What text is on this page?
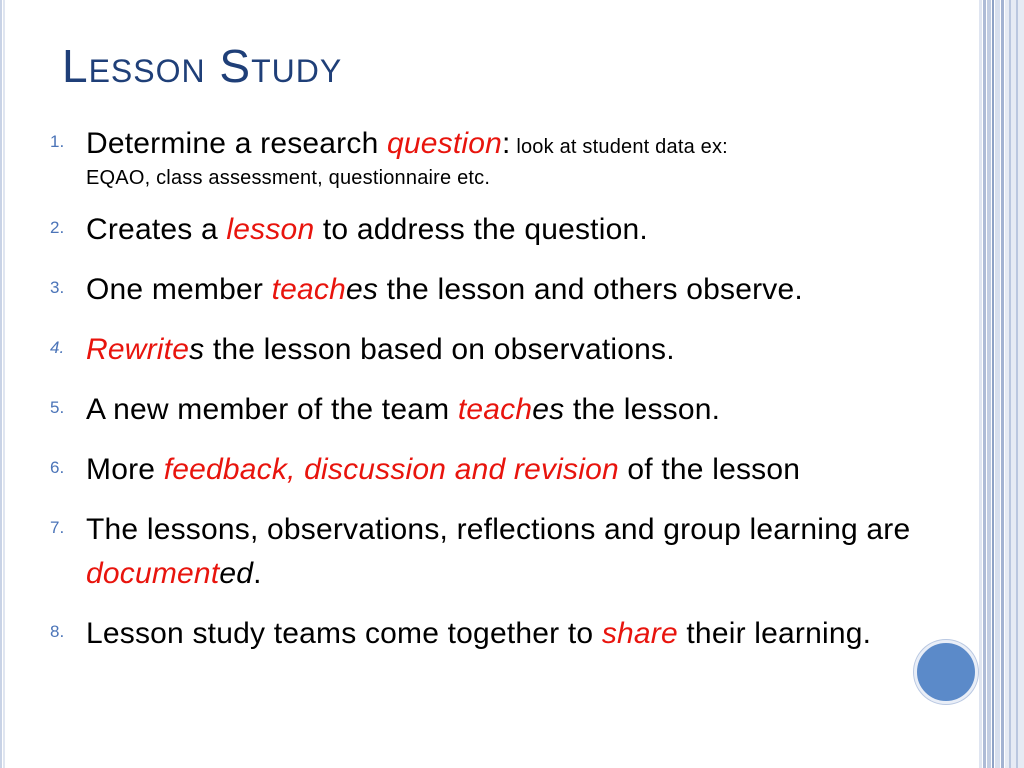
Lesson Study
1. Determine a research question: look at student data ex:
EQAO, class assessment, questionnaire etc.
2. Creates a lesson to address the question.
3. One member teaches the lesson and others observe.
4. Rewrites the lesson based on observations.
5. A new member of the team teaches the lesson.
6. More feedback, discussion and revision of the lesson
7. The lessons, observations, reflections and group learning are documented.
8. Lesson study teams come together to share their learning.
